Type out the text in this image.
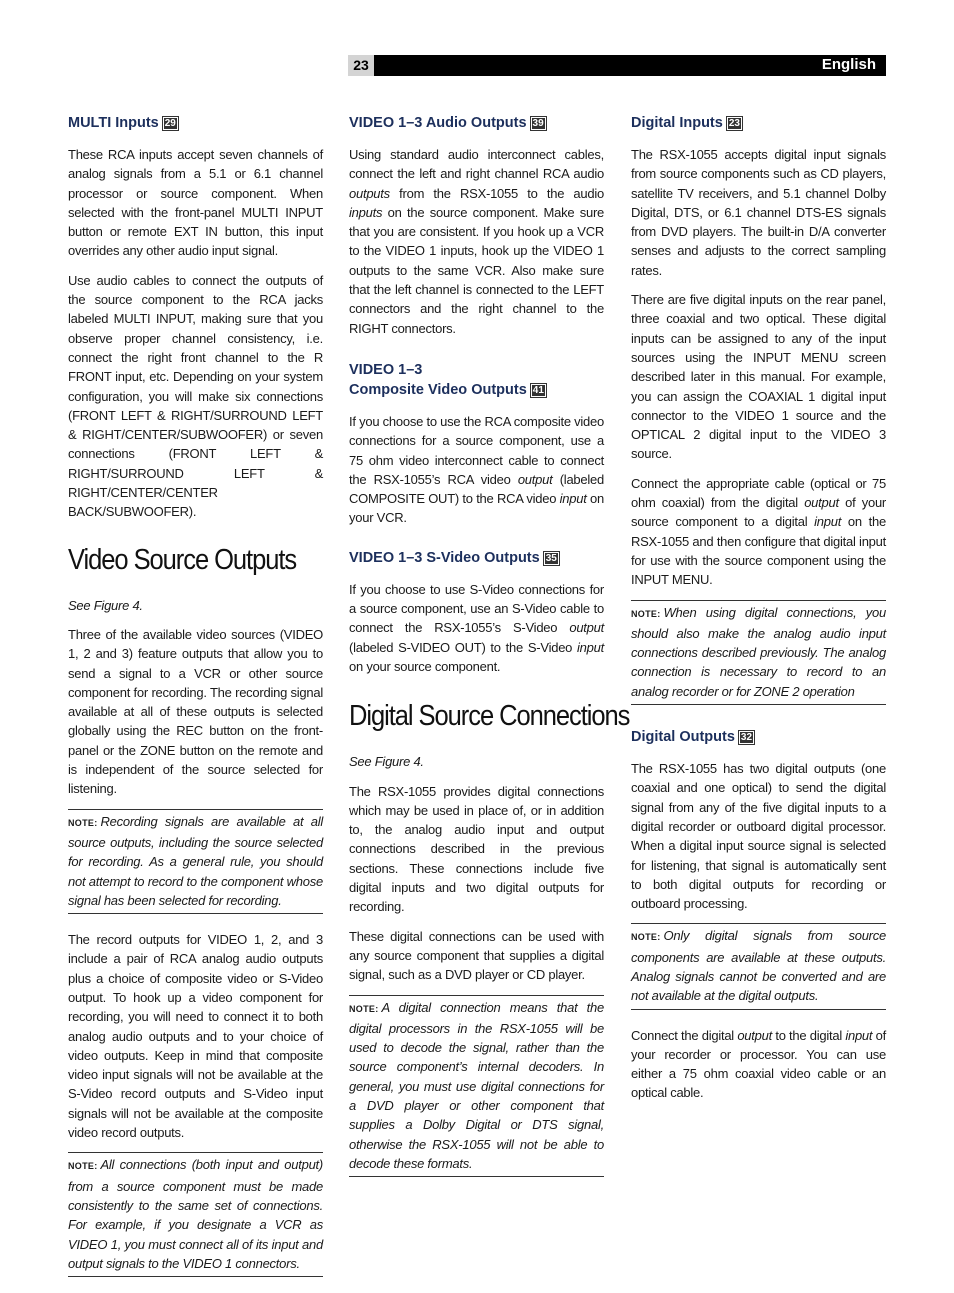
23	English
MULTI Inputs 29

These RCA inputs accept seven channels of analog signals from a 5.1 or 6.1 channel processor or source component. When selected with the front-panel MULTI INPUT button or remote EXT IN button, this input overrides any other audio input signal.

Use audio cables to connect the outputs of the source component to the RCA jacks labeled MULTI INPUT, making sure that you observe proper channel consistency, i.e. connect the right front channel to the R FRONT input, etc. Depending on your system configuration, you will make six connections (FRONT LEFT & RIGHT/SURROUND LEFT & RIGHT/CENTER/SUBWOOFER) or seven connections (FRONT LEFT & RIGHT/SURROUND LEFT & RIGHT/CENTER/CENTER BACK/SUBWOOFER).

Video Source Outputs

See Figure 4.

Three of the available video sources (VIDEO 1, 2 and 3) feature outputs that allow you to send a signal to a VCR or other source component for recording. The recording signal available at all of these outputs is selected globally using the REC button on the front-panel or the ZONE button on the remote and is independent of the source selected for listening.

NOTE: Recording signals are available at all source outputs, including the source selected for recording. As a general rule, you should not attempt to record to the component whose signal has been selected for recording.

The record outputs for VIDEO 1, 2, and 3 include a pair of RCA analog audio outputs plus a choice of composite video or S-Video output. To hook up a video component for recording, you will need to connect it to both analog audio outputs and to your choice of video outputs. Keep in mind that composite video input signals will not be available at the S-Video record outputs and S-Video input signals will not be available at the composite video record outputs.

NOTE: All connections (both input and output) from a source component must be made consistently to the same set of connections. For example, if you designate a VCR as VIDEO 1, you must connect all of its input and output signals to the VIDEO 1 connectors.

VIDEO 1–3 Audio Outputs 39

Using standard audio interconnect cables, connect the left and right channel RCA audio outputs from the RSX-1055 to the audio inputs on the source component. Make sure that you are consistent. If you hook up a VCR to the VIDEO 1 inputs, hook up the VIDEO 1 outputs to the same VCR. Also make sure that the left channel is connected to the LEFT connectors and the right channel to the RIGHT connectors.

VIDEO 1–3
Composite Video Outputs 41

If you choose to use the RCA composite video connections for a source component, use a 75 ohm video interconnect cable to connect the RSX-1055’s RCA video output (labeled COMPOSITE OUT) to the RCA video input on your VCR.

VIDEO 1–3 S-Video Outputs 35

If you choose to use S-Video connections for a source component, use an S-Video cable to connect the RSX-1055’s S-Video output (labeled S-VIDEO OUT) to the S-Video input on your source component.

Digital Source Connections

See Figure 4.

The RSX-1055 provides digital connections which may be used in place of, or in addition to, the analog audio input and output connections described in the previous sections. These connections include five digital inputs and two digital outputs for recording.

These digital connections can be used with any source component that supplies a digital signal, such as a DVD player or CD player.

NOTE: A digital connection means that the digital processors in the RSX-1055 will be used to decode the signal, rather than the source component’s internal decoders. In general, you must use digital connections for a DVD player or other component that supplies a Dolby Digital or DTS signal, otherwise the RSX-1055 will not be able to decode these formats.

Digital Inputs 23

The RSX-1055 accepts digital input signals from source components such as CD players, satellite TV receivers, and 5.1 channel Dolby Digital, DTS, or 6.1 channel DTS-ES signals from DVD players. The built-in D/A converter senses and adjusts to the correct sampling rates.

There are five digital inputs on the rear panel, three coaxial and two optical. These digital inputs can be assigned to any of the input sources using the INPUT MENU screen described later in this manual. For example, you can assign the COAXIAL 1 digital input connector to the VIDEO 1 source and the OPTICAL 2 digital input to the VIDEO 3 source.

Connect the appropriate cable (optical or 75 ohm coaxial) from the digital output of your source component to a digital input on the RSX-1055 and then configure that digital input for use with the source component using the INPUT MENU.

NOTE: When using digital connections, you should also make the analog audio input connections described previously. The analog connection is necessary to record to an analog recorder or for ZONE 2 operation

Digital Outputs 32

The RSX-1055 has two digital outputs (one coaxial and one optical) to send the digital signal from any of the five digital inputs to a digital recorder or outboard digital processor. When a digital input source signal is selected for listening, that signal is automatically sent to both digital outputs for recording or outboard processing.

NOTE: Only digital signals from source components are available at these outputs. Analog signals cannot be converted and are not available at the digital outputs.

Connect the digital output to the digital input of your recorder or processor. You can use either a 75 ohm coaxial video cable or an optical cable.
